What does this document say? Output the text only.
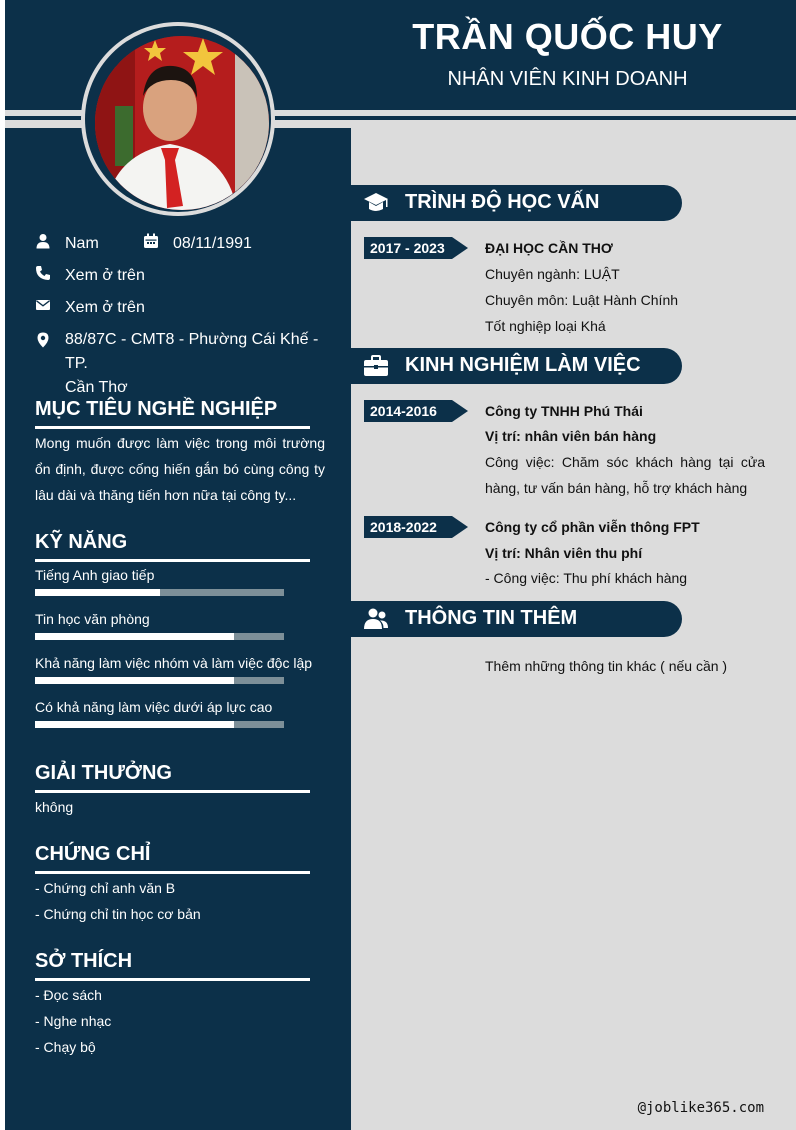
TRẦN QUỐC HUY
NHÂN VIÊN KINH DOANH
Nam	08/11/1991
Xem ở trên
Xem ở trên
88/87C - CMT8 - Phường Cái Khế - TP.
Cần Thơ
MỤC TIÊU NGHỀ NGHIỆP
Mong muốn được làm việc trong môi trường ổn định, được cống hiến gắn bó cùng công ty lâu dài và thăng tiến hơn nữa tại công ty...
KỸ NĂNG
Tiếng Anh giao tiếp
Tin học văn phòng
Khả năng làm việc nhóm và làm việc độc lập
Có khả năng làm việc dưới áp lực cao
GIẢI THƯỞNG
không
CHỨNG CHỈ
- Chứng chỉ anh văn B
- Chứng chỉ tin học cơ bản
SỞ THÍCH
- Đọc sách
- Nghe nhạc
- Chạy bộ
TRÌNH ĐỘ HỌC VẤN
2017 - 2023	ĐẠI HỌC CẦN THƠ
Chuyên ngành: LUẬT
Chuyên môn: Luật Hành Chính
Tốt nghiệp loại Khá
KINH NGHIỆM LÀM VIỆC
2014-2016	Công ty TNHH Phú Thái
Vị trí: nhân viên bán hàng
Công việc: Chăm sóc khách hàng tại cửa hàng, tư vấn bán hàng, hỗ trợ khách hàng
2018-2022	Công ty cổ phần viễn thông FPT
Vị trí: Nhân viên thu phí
- Công việc: Thu phí khách hàng
THÔNG TIN THÊM
Thêm những thông tin khác ( nếu cần )
@joblike365.com
